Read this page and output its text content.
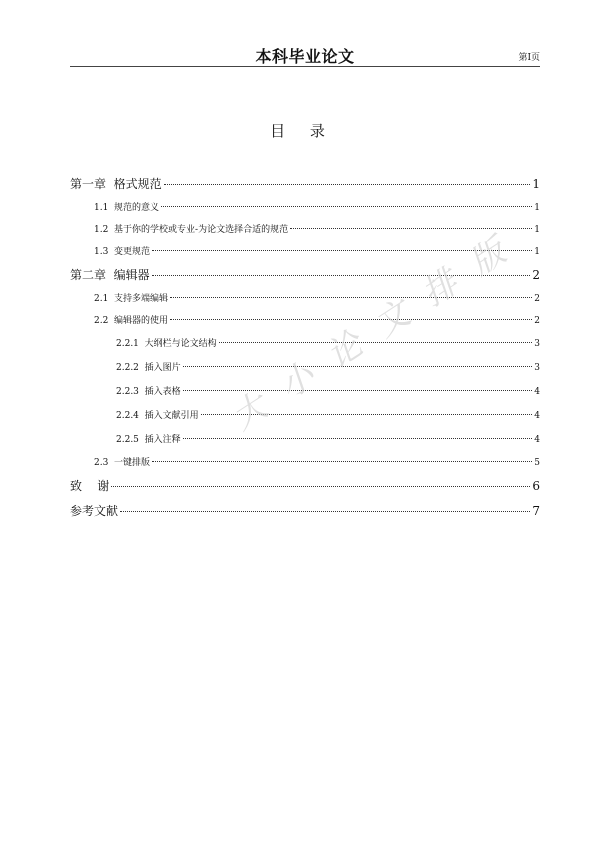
本科毕业论文	第I页
目 录
第一章 格式规范	1
1.1 规范的意义	1
1.2 基于你的学校或专业-为论文选择合适的规范	1
1.3 变更规范	1
第二章 编辑器	2
2.1 支持多端编辑	2
2.2 编辑器的使用	2
2.2.1 大纲栏与论文结构	3
2.2.2 插入图片	3
2.2.3 插入表格	4
2.2.4 插入文献引用	4
2.2.5 插入注释	4
2.3 一键排版	5
致    谢	6
参考文献	7
大 小 论 文 排 版
